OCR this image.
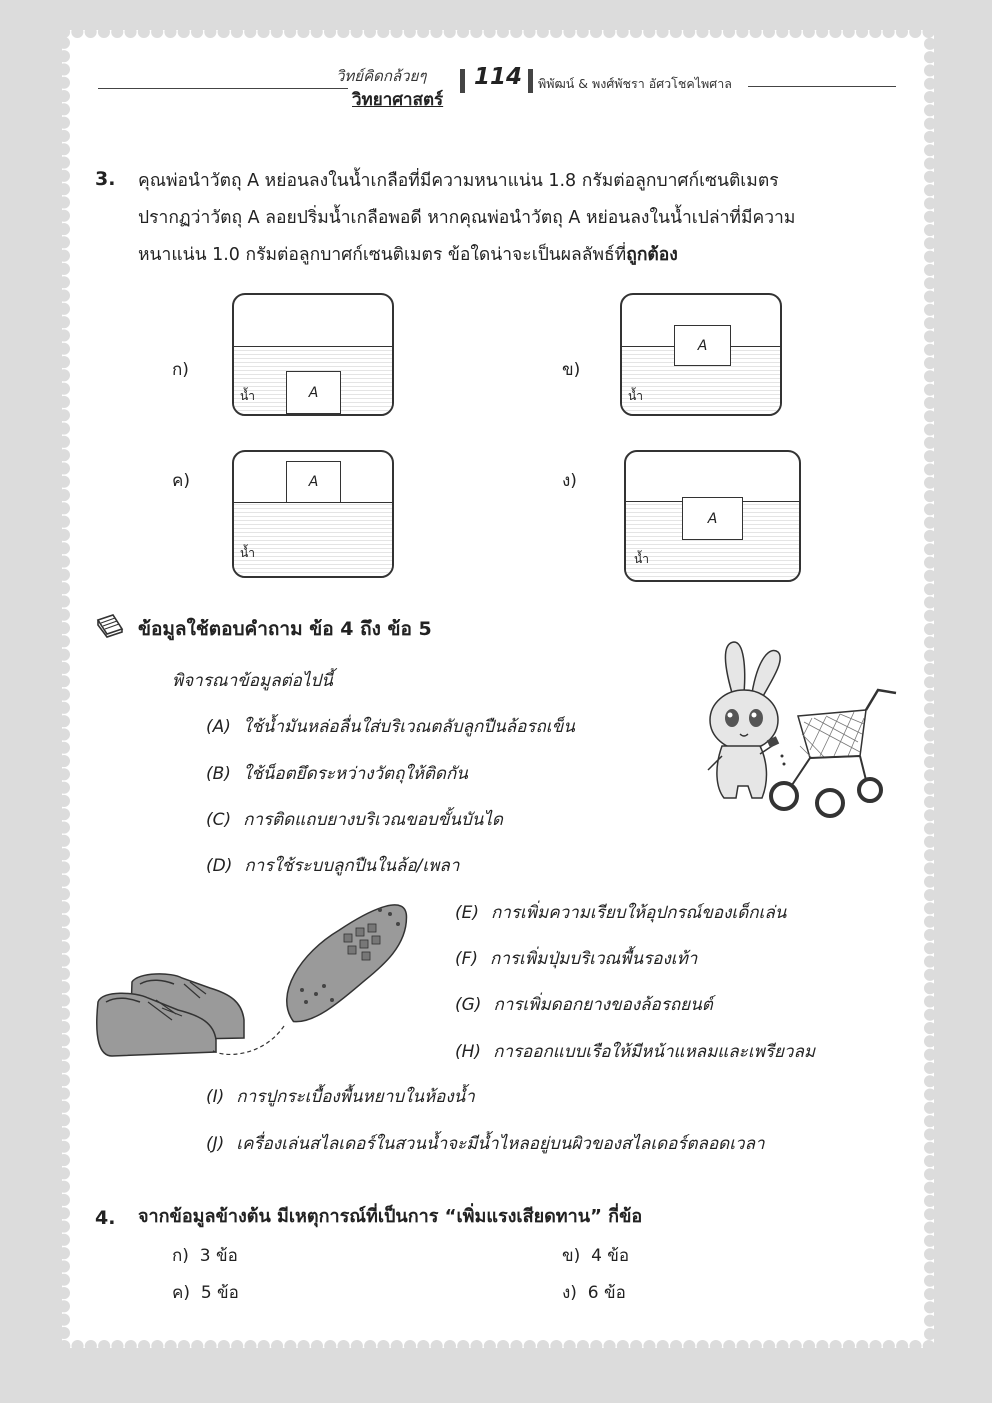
วิทย์คิดกล้วยๆ
วิทยาศาสตร์
114 พิพัฒน์ & พงศ์พัชรา อัศวโชคไพศาล
3. คุณพ่อนำวัตถุ A หย่อนลงในน้ำเกลือที่มีความหนาแน่น 1.8 กรัมต่อลูกบาศก์เซนติเมตร
ปรากฏว่าวัตถุ A ลอยปริ่มน้ำเกลือพอดี หากคุณพ่อนำวัตถุ A หย่อนลงในน้ำเปล่าที่มีความ
หนาแน่น 1.0 กรัมต่อลูกบาศก์เซนติเมตร ข้อใดน่าจะเป็นผลลัพธ์ที่ถูกต้อง
ก)
A
น้ำ
ข)
A
น้ำ
ค)	A
น้ำ
ง)
A
น้ำ
ข้อมูลใช้ตอบคำถาม ข้อ 4 ถึง ข้อ 5
พิจารณาข้อมูลต่อไปนี้
(A) ใช้น้ำมันหล่อลื่นใส่บริเวณตลับลูกปืนล้อรถเข็น
(B) ใช้น็อตยึดระหว่างวัตถุให้ติดกัน
(C) การติดแถบยางบริเวณขอบขั้นบันได
(D) การใช้ระบบลูกปืนในล้อ/เพลา
(E) การเพิ่มความเรียบให้อุปกรณ์ของเด็กเล่น
(F) การเพิ่มปุ่มบริเวณพื้นรองเท้า
(G) การเพิ่มดอกยางของล้อรถยนต์
(H) การออกแบบเรือให้มีหน้าแหลมและเพรียวลม
(I) การปูกระเบื้องพื้นหยาบในห้องน้ำ
(J) เครื่องเล่นสไลเดอร์ในสวนน้ำจะมีน้ำไหลอยู่บนผิวของสไลเดอร์ตลอดเวลา
4. จากข้อมูลข้างต้น มีเหตุการณ์ที่เป็นการ “เพิ่มแรงเสียดทาน” กี่ข้อ
ก) 3 ข้อ	ข) 4 ข้อ
ค) 5 ข้อ	ง) 6 ข้อ
